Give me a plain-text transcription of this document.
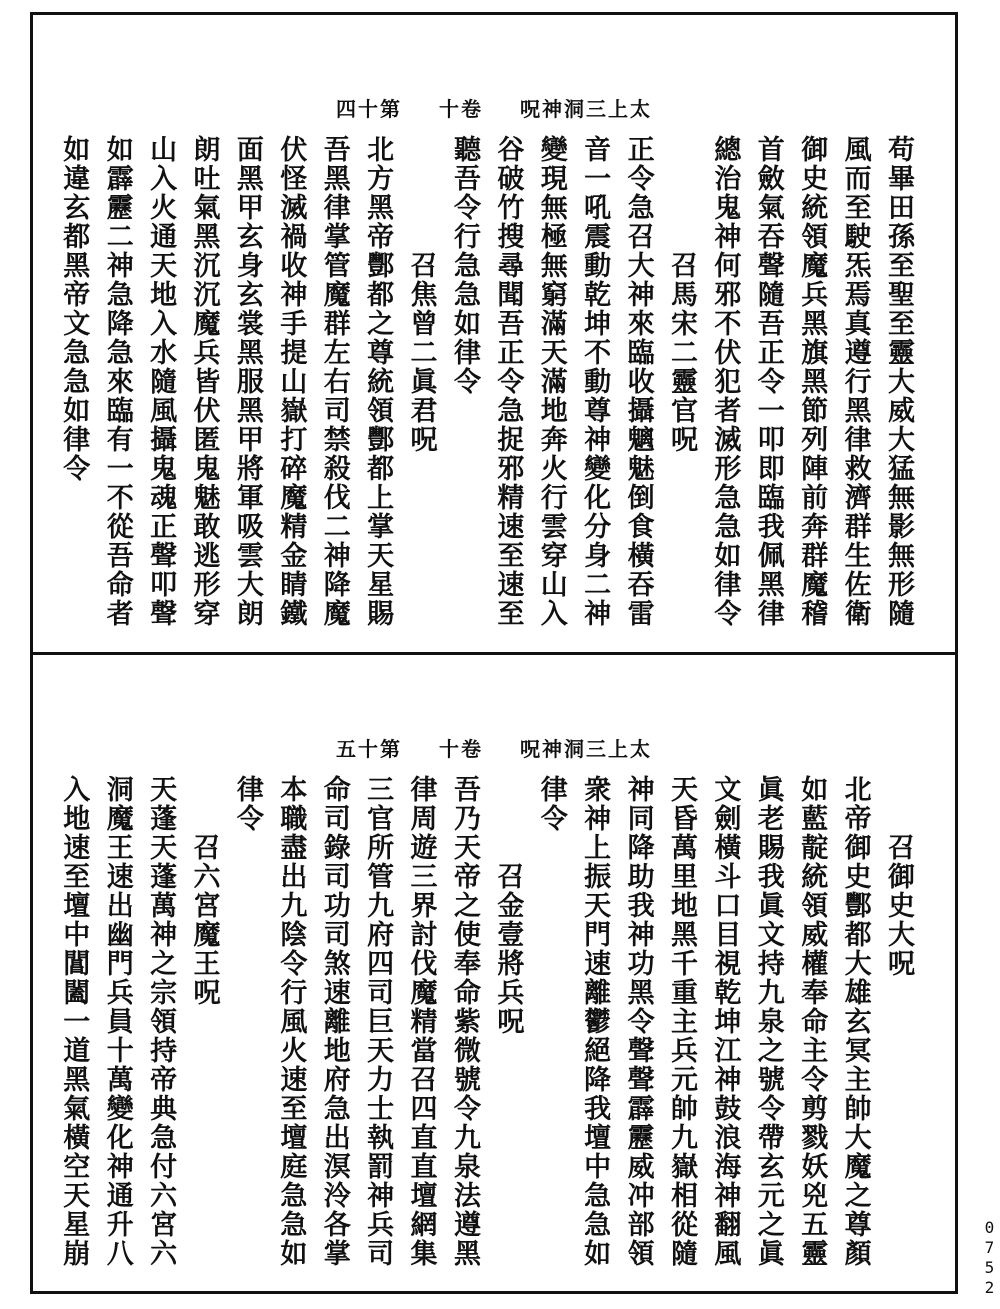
第十四 卷十 太上三洞神呪
苟畢田孫至聖至靈大威大猛無影無形隨
風而至駛炁焉真遵行黑律救濟群生佐衛
御史統領魔兵黑旗黑節列陣前奔群魔稽
首斂氣吞聲隨吾正令一叩即臨我佩黑律
總治鬼神何邪不伏犯者滅形急急如律令
　　　　召馬宋二靈官呪
正令急召大神來臨收攝魑魅倒食橫吞雷
音一吼震動乾坤不動尊神變化分身二神
變現無極無窮滿天滿地奔火行雲穿山入
谷破竹搜尋聞吾正令急捉邪精速至速至
聽吾令行急急如律令
　　　　召焦曾二眞君呪
北方黑帝酆都之尊統領酆都上掌天星賜
吾黑律掌管魔群左右司禁殺伐二神降魔
伏怪滅禍收神手提山嶽打碎魔精金睛鐵
面黑甲玄身玄裳黑服黑甲將軍吸雲大朗
朗吐氣黑沉沉魔兵皆伏匿鬼魅敢逃形穿
山入火通天地入水隨風攝鬼魂正聲叩聲
如霹靂二神急降急來臨有一不從吾命者
如違玄都黑帝文急急如律令
第十五 卷十 太上三洞神呪
　　召御史大呪
北帝御史酆都大雄玄冥主帥大魔之尊顏
如藍靛統領威權奉命主令剪戮妖兇五靈
眞老賜我眞文持九泉之號令帶玄元之眞
文劍橫斗口目視乾坤江神鼓浪海神翻風
天昏萬里地黑千重主兵元帥九嶽相從隨
神同降助我神功黑令聲聲霹靂威冲部領
衆神上振天門速離鬱絕降我壇中急急如
律令
　　　召金壹將兵呪
吾乃天帝之使奉命紫微號令九泉法遵黑
律周遊三界討伐魔精當召四直直壇網集
三官所管九府四司巨天力士執罰神兵司
命司錄司功司煞速離地府急出溟泠各掌
本職盡出九陰令行風火速至壇庭急急如
律令
　　召六宮魔王呪
天蓬天蓬萬神之宗領持帝典急付六宮六
洞魔王速出幽門兵員十萬變化神通升八
入地速至壇中閶闔一道黑氣橫空天星崩	0752
